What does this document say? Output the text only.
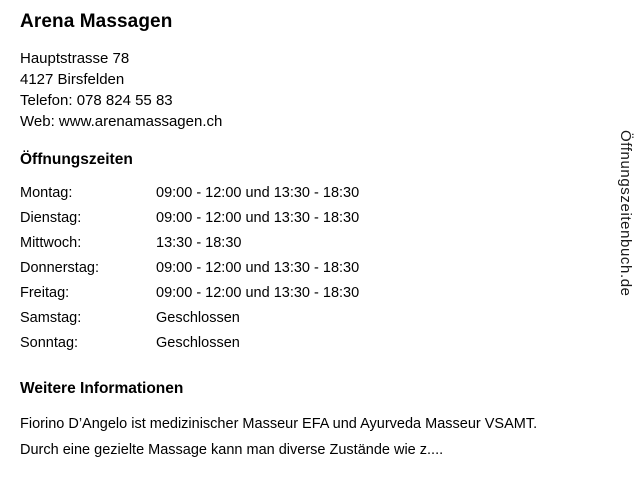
Arena Massagen
Hauptstrasse 78
4127 Birsfelden
Telefon: 078 824 55 83
Web: www.arenamassagen.ch
Öffnungszeiten
Montag:	09:00 - 12:00 und 13:30 - 18:30
Dienstag:	09:00 - 12:00 und 13:30 - 18:30
Mittwoch:	13:30 - 18:30
Donnerstag:	09:00 - 12:00 und 13:30 - 18:30
Freitag:	09:00 - 12:00 und 13:30 - 18:30
Samstag:	Geschlossen
Sonntag:	Geschlossen
Weitere Informationen

Fiorino D’Angelo ist medizinischer Masseur EFA und Ayurveda Masseur VSAMT.

Durch eine gezielte Massage kann man diverse Zustände wie z....

Öffnungszeitenbuch.de
